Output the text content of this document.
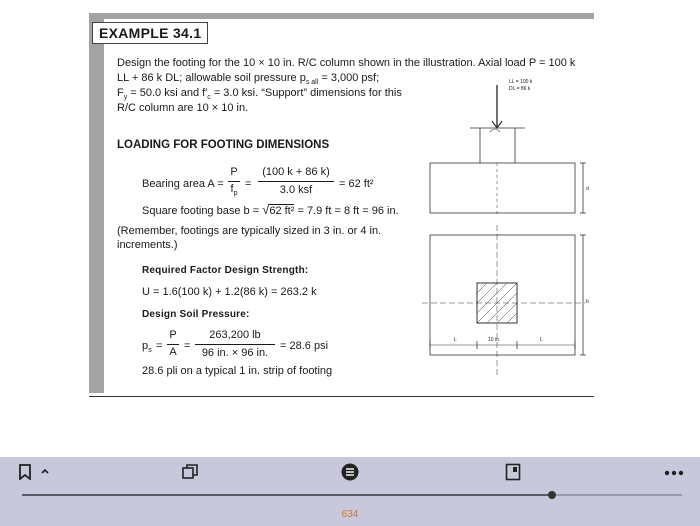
EXAMPLE 34.1
Design the footing for the 10 × 10 in. R/C column shown in the illustration. Axial load P = 100 k
LL + 86 k DL; allowable soil pressure $p_{s all} = 3,000$ psf;
$F_y = 50.0$ ksi and $f'_c = 3.0$ ksi. “Support” dimensions for this
R/C column are 10 × 10 in.
LOADING FOR FOOTING DIMENSIONS
Bearing area A =
P
$f_p$
=
(100 k + 86 k)
3.0 ksf	= 62 ft²
Square footing base b = √62 ft² = 7.9 ft = 8 ft = 96 in.
(Remember, footings are typically sized in 3 in. or 4 in.
increments.)
Required Factor Design Strength:
U = 1.6(100 k) + 1.2(86 k) = 263.2 k
Design Soil Pressure:
$p_s$ =
P
A =
263,200 lb
96 in. × 96 in.
= 28.6 psi
28.6 pli on a typical 1 in. strip of footing
LL = 100 k
DL = 86 k
d
b
L	L
10 in.
634
